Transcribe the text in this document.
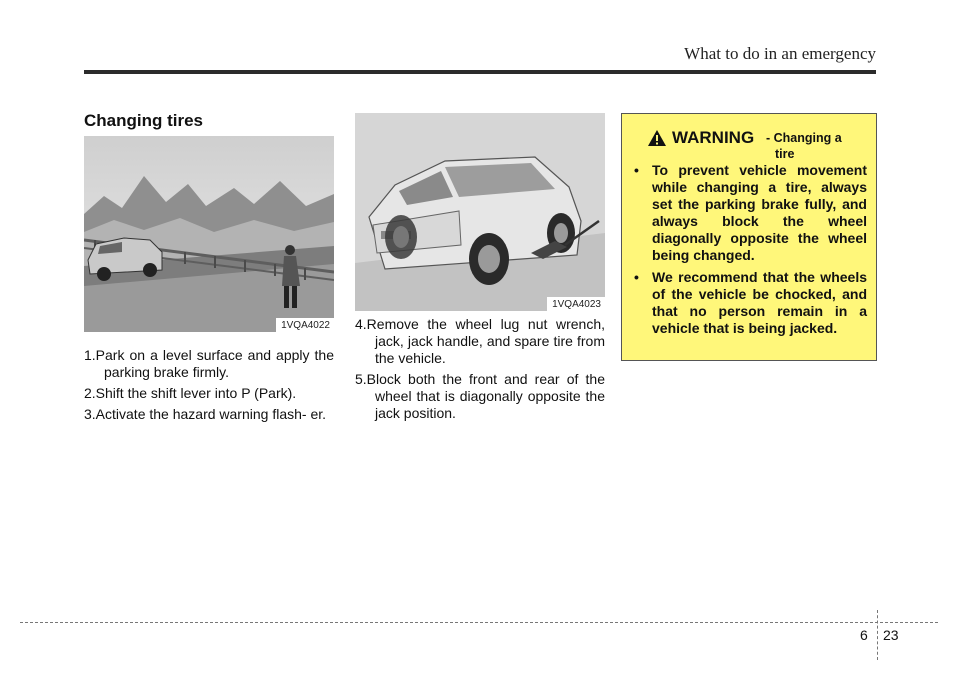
What to do in an emergency
Changing tires
1VQA4022
1VQA4023
1.Park on a level surface and apply the parking brake firmly.
2.Shift the shift lever into P (Park).
3.Activate the hazard warning flash- er.
4.Remove the wheel lug nut wrench, jack, jack handle, and spare tire from the vehicle.
5.Block both the front and rear of the wheel that is diagonally opposite the jack position.
WARNING - Changing a
tire
• To prevent vehicle movement while changing a tire, always set the parking brake fully, and always block the wheel diagonally opposite the wheel being changed.
• We recommend that the wheels of the vehicle be chocked, and that no person remain in a vehicle that is being jacked.
6 23
